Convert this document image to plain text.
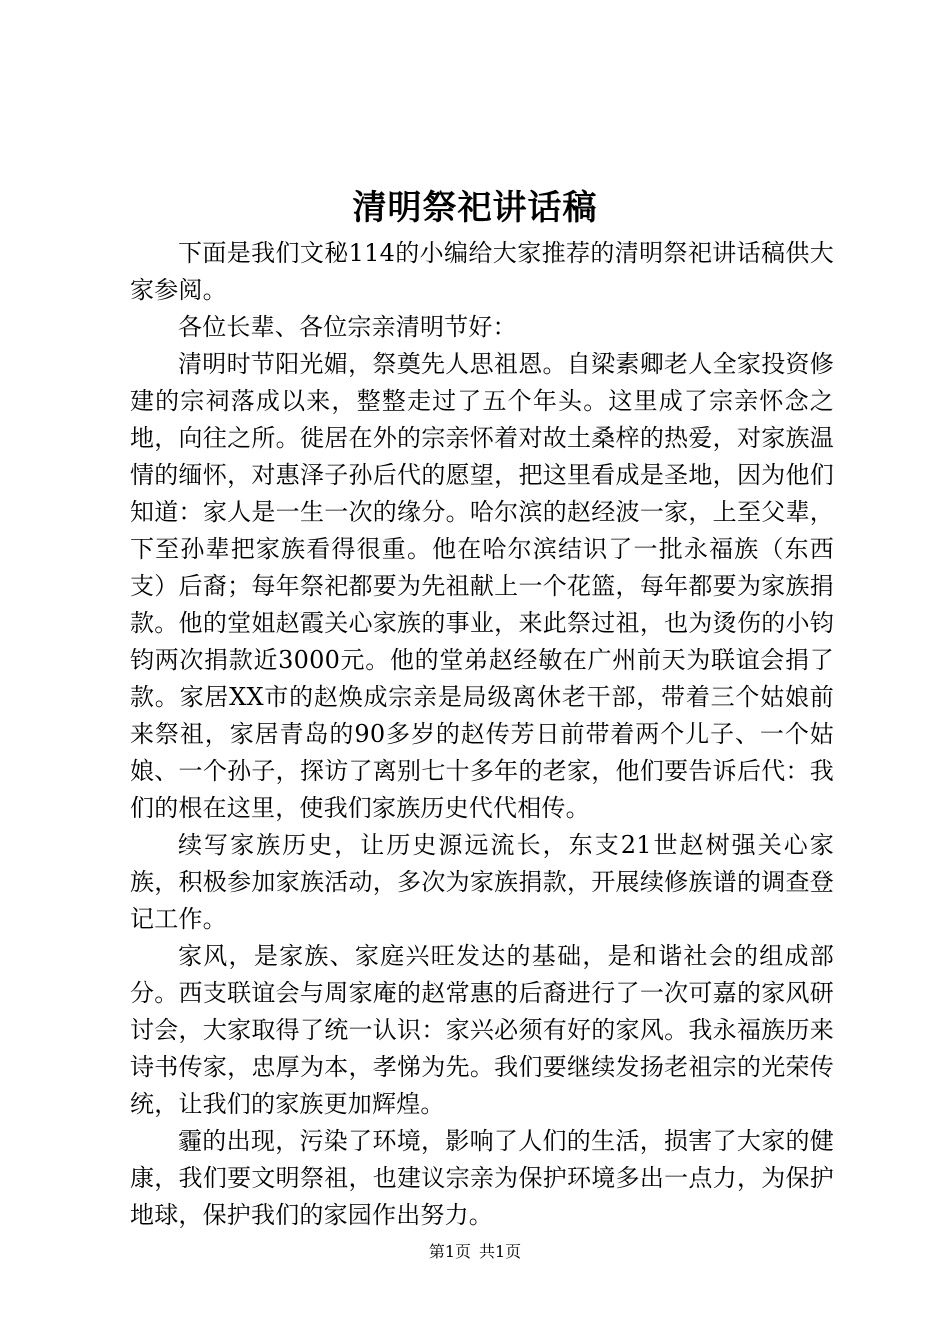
清明祭祀讲话稿

下面是我们文秘114的小编给大家推荐的清明祭祀讲话稿供大家参阅。

各位长辈、各位宗亲清明节好：

清明时节阳光媚，祭奠先人思祖恩。自梁素卿老人全家投资修建的宗祠落成以来，整整走过了五个年头。这里成了宗亲怀念之地，向往之所。徙居在外的宗亲怀着对故土桑梓的热爱，对家族温情的缅怀，对惠泽子孙后代的愿望，把这里看成是圣地，因为他们知道：家人是一生一次的缘分。哈尔滨的赵经波一家，上至父辈，下至孙辈把家族看得很重。他在哈尔滨结识了一批永福族（东西支）后裔；每年祭祀都要为先祖献上一个花篮，每年都要为家族捐款。他的堂姐赵霞关心家族的事业，来此祭过祖，也为烫伤的小钧钧两次捐款近3000元。他的堂弟赵经敏在广州前天为联谊会捐了款。家居XX市的赵焕成宗亲是局级离休老干部，带着三个姑娘前来祭祖，家居青岛的90多岁的赵传芳日前带着两个儿子、一个姑娘、一个孙子，探访了离别七十多年的老家，他们要告诉后代：我们的根在这里，使我们家族历史代代相传。

续写家族历史，让历史源远流长，东支21世赵树强关心家族，积极参加家族活动，多次为家族捐款，开展续修族谱的调查登记工作。

家风，是家族、家庭兴旺发达的基础，是和谐社会的组成部分。西支联谊会与周家庵的赵常惠的后裔进行了一次可嘉的家风研讨会，大家取得了统一认识：家兴必须有好的家风。我永福族历来诗书传家，忠厚为本，孝悌为先。我们要继续发扬老祖宗的光荣传统，让我们的家族更加辉煌。

霾的出现，污染了环境，影响了人们的生活，损害了大家的健康，我们要文明祭祖，也建议宗亲为保护环境多出一点力，为保护地球，保护我们的家园作出努力。

第1页 共1页
